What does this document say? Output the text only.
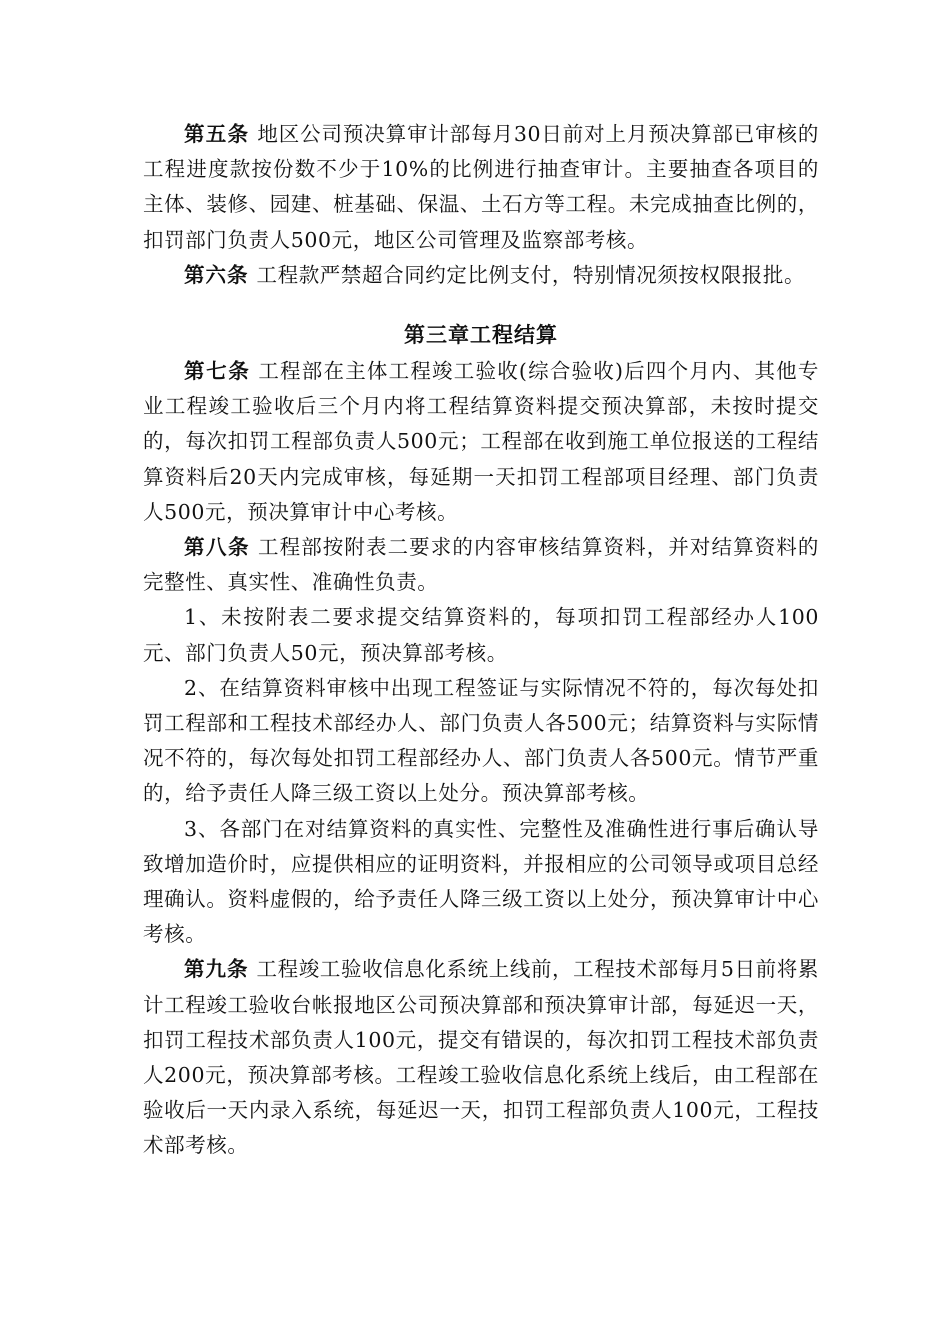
第五条 地区公司预决算审计部每月30日前对上月预决算部已审核的工程进度款按份数不少于10%的比例进行抽查审计。主要抽查各项目的主体、装修、园建、桩基础、保温、土石方等工程。未完成抽查比例的，扣罚部门负责人500元，地区公司管理及监察部考核。

第六条 工程款严禁超合同约定比例支付，特别情况须按权限报批。

第三章工程结算

第七条 工程部在主体工程竣工验收(综合验收)后四个月内、其他专业工程竣工验收后三个月内将工程结算资料提交预决算部，未按时提交的，每次扣罚工程部负责人500元；工程部在收到施工单位报送的工程结算资料后20天内完成审核，每延期一天扣罚工程部项目经理、部门负责人500元，预决算审计中心考核。

第八条 工程部按附表二要求的内容审核结算资料，并对结算资料的完整性、真实性、准确性负责。

1、未按附表二要求提交结算资料的，每项扣罚工程部经办人100元、部门负责人50元，预决算部考核。

2、在结算资料审核中出现工程签证与实际情况不符的，每次每处扣罚工程部和工程技术部经办人、部门负责人各500元；结算资料与实际情况不符的，每次每处扣罚工程部经办人、部门负责人各500元。情节严重的，给予责任人降三级工资以上处分。预决算部考核。

3、各部门在对结算资料的真实性、完整性及准确性进行事后确认导致增加造价时，应提供相应的证明资料，并报相应的公司领导或项目总经理确认。资料虚假的，给予责任人降三级工资以上处分，预决算审计中心考核。

第九条 工程竣工验收信息化系统上线前，工程技术部每月5日前将累计工程竣工验收台帐报地区公司预决算部和预决算审计部，每延迟一天，扣罚工程技术部负责人100元，提交有错误的，每次扣罚工程技术部负责人200元，预决算部考核。工程竣工验收信息化系统上线后，由工程部在验收后一天内录入系统，每延迟一天，扣罚工程部负责人100元，工程技术部考核。
